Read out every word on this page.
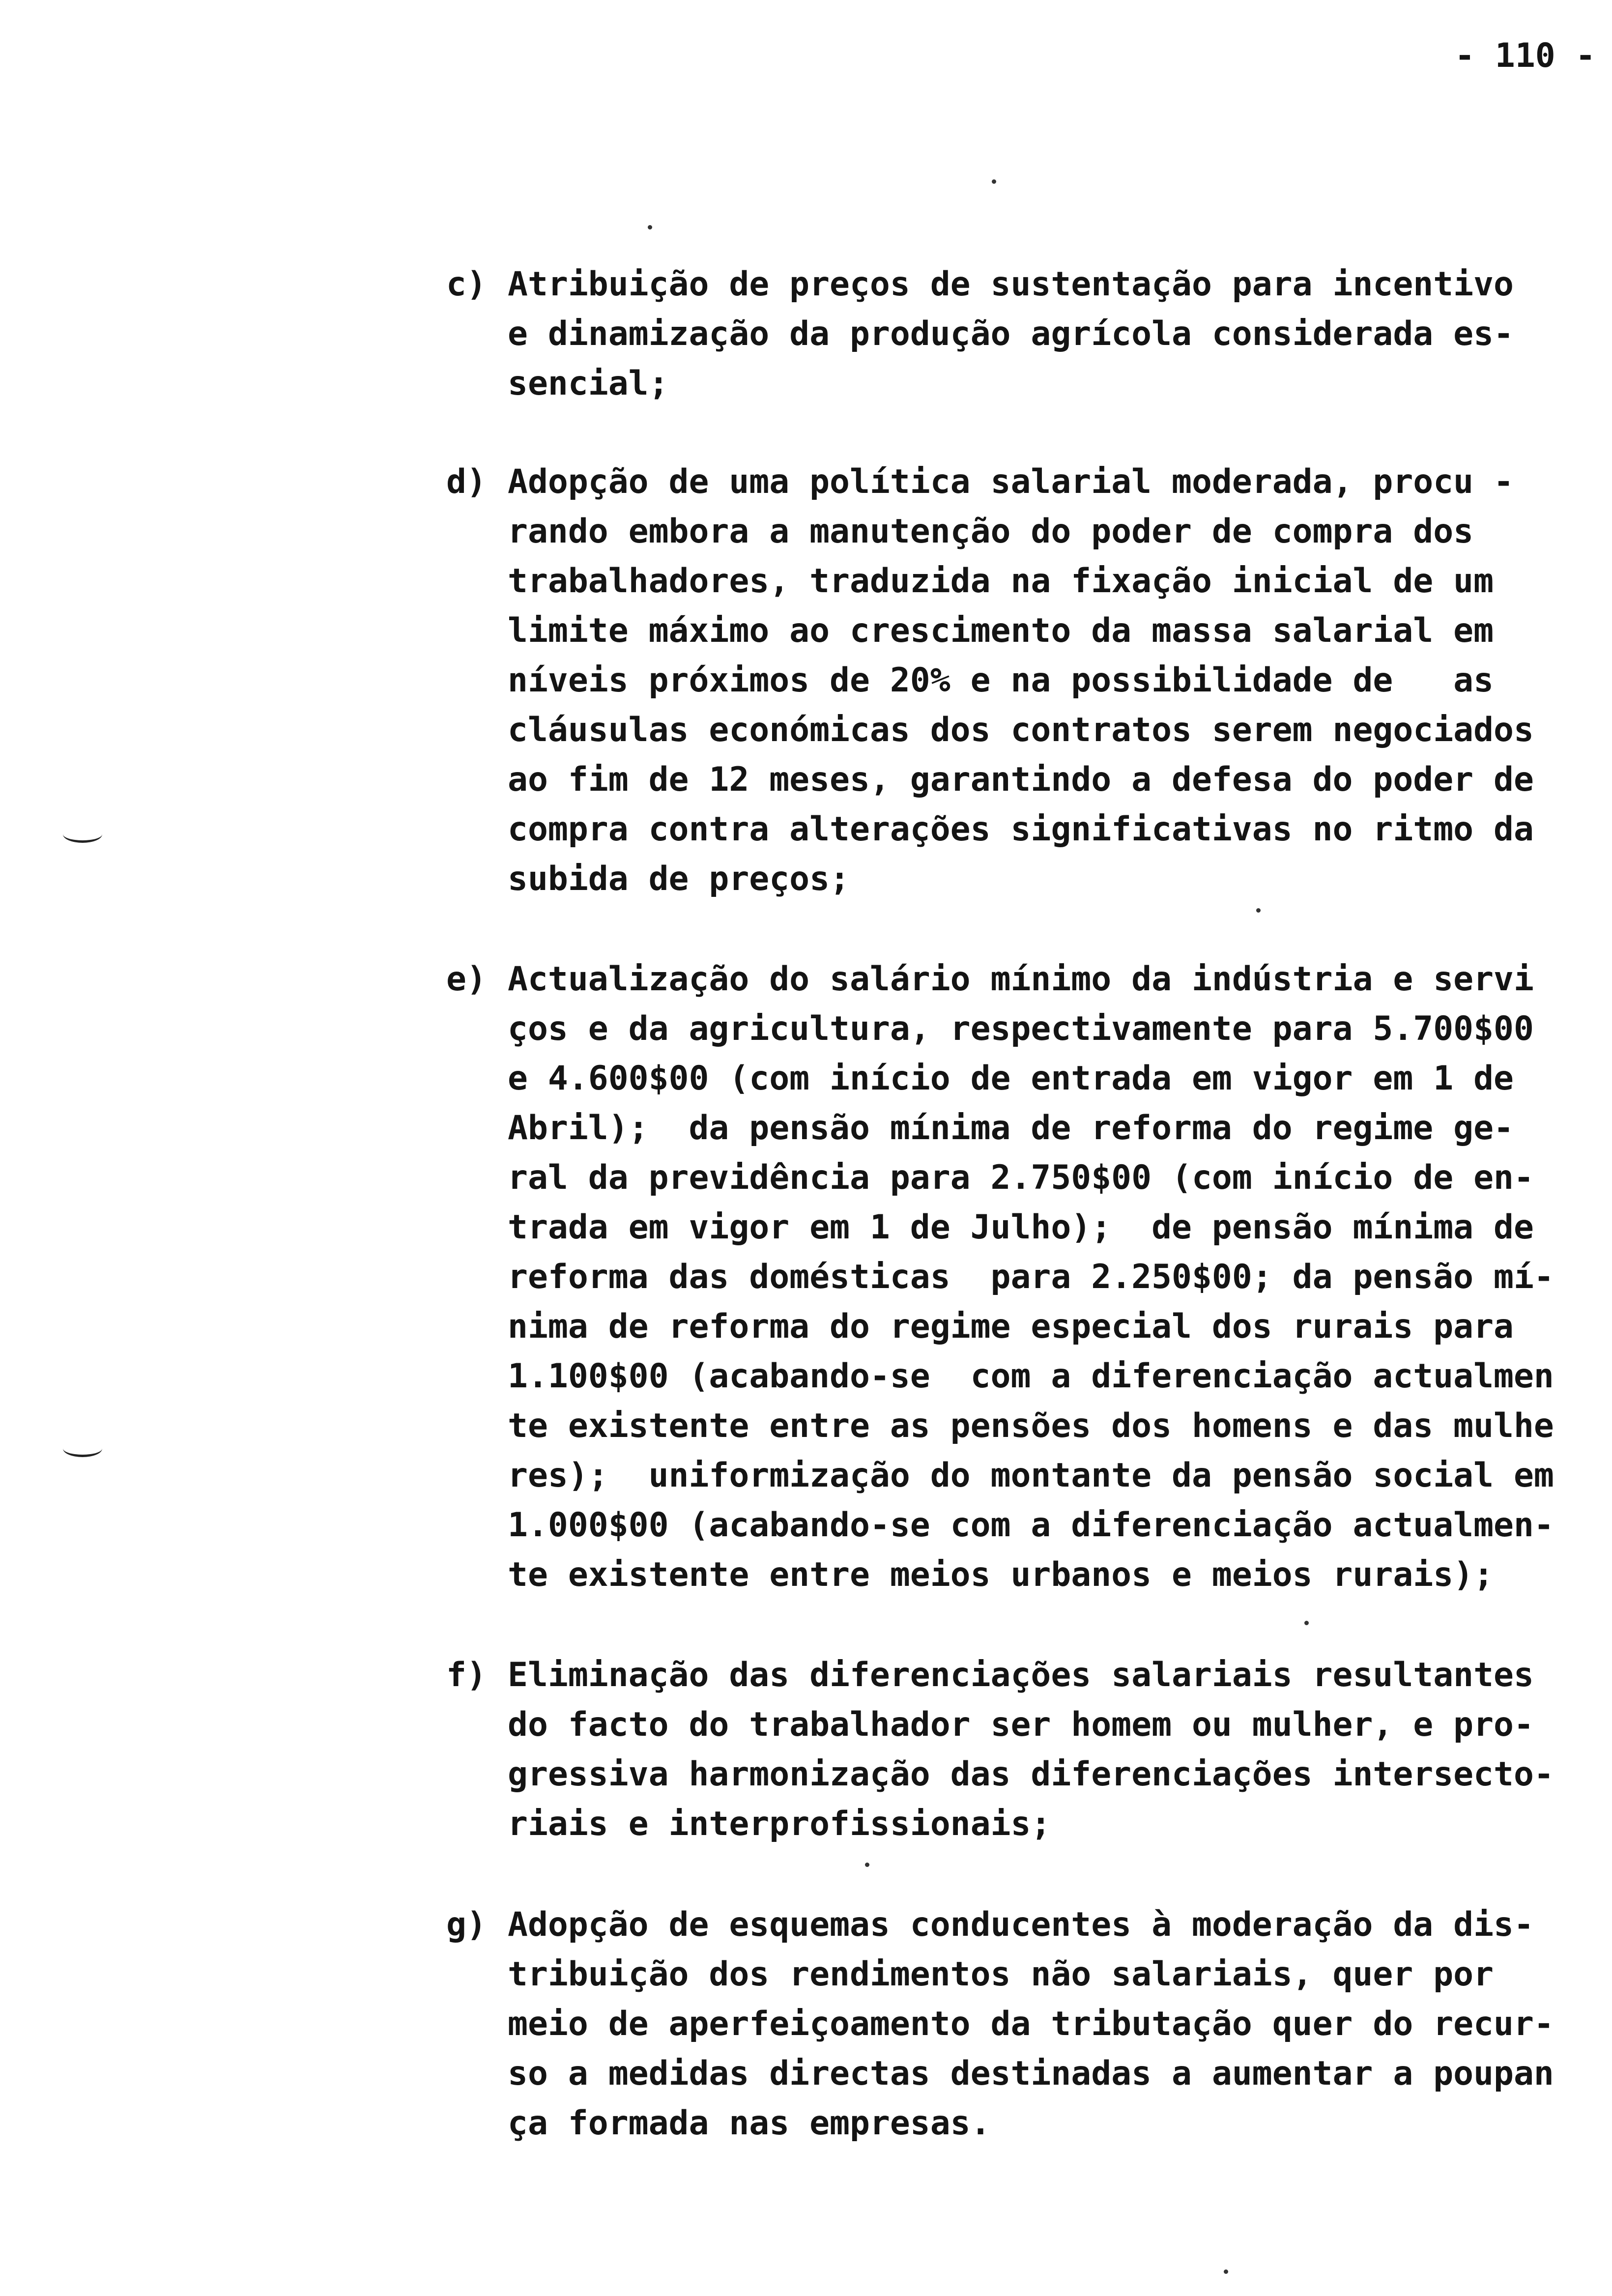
- 110 -
c) Atribuição de preços de sustentação para incentivo
e dinamização da produção agrícola considerada es-
sencial;
d) Adopção de uma política salarial moderada, procu -
rando embora a manutenção do poder de compra dos
trabalhadores, traduzida na fixação inicial de um
limite máximo ao crescimento da massa salarial em
níveis próximos de 20% e na possibilidade de   as
cláusulas económicas dos contratos serem negociados
ao fim de 12 meses, garantindo a defesa do poder de
compra contra alterações significativas no ritmo da
subida de preços;
e) Actualização do salário mínimo da indústria e servi
ços e da agricultura, respectivamente para 5.700$00
e 4.600$00 (com início de entrada em vigor em 1 de
Abril);  da pensão mínima de reforma do regime ge-
ral da previdência para 2.750$00 (com início de en-
trada em vigor em 1 de Julho);  de pensão mínima de
reforma das domésticas  para 2.250$00; da pensão mí-
nima de reforma do regime especial dos rurais para
1.100$00 (acabando-se  com a diferenciação actualmen
te existente entre as pensões dos homens e das mulhe
res);  uniformização do montante da pensão social em
1.000$00 (acabando-se com a diferenciação actualmen-
te existente entre meios urbanos e meios rurais);
f) Eliminação das diferenciações salariais resultantes
do facto do trabalhador ser homem ou mulher, e pro-
gressiva harmonização das diferenciações intersecto-
riais e interprofissionais;
g) Adopção de esquemas conducentes à moderação da dis-
tribuição dos rendimentos não salariais, quer por
meio de aperfeiçoamento da tributação quer do recur-
so a medidas directas destinadas a aumentar a poupan
ça formada nas empresas.
